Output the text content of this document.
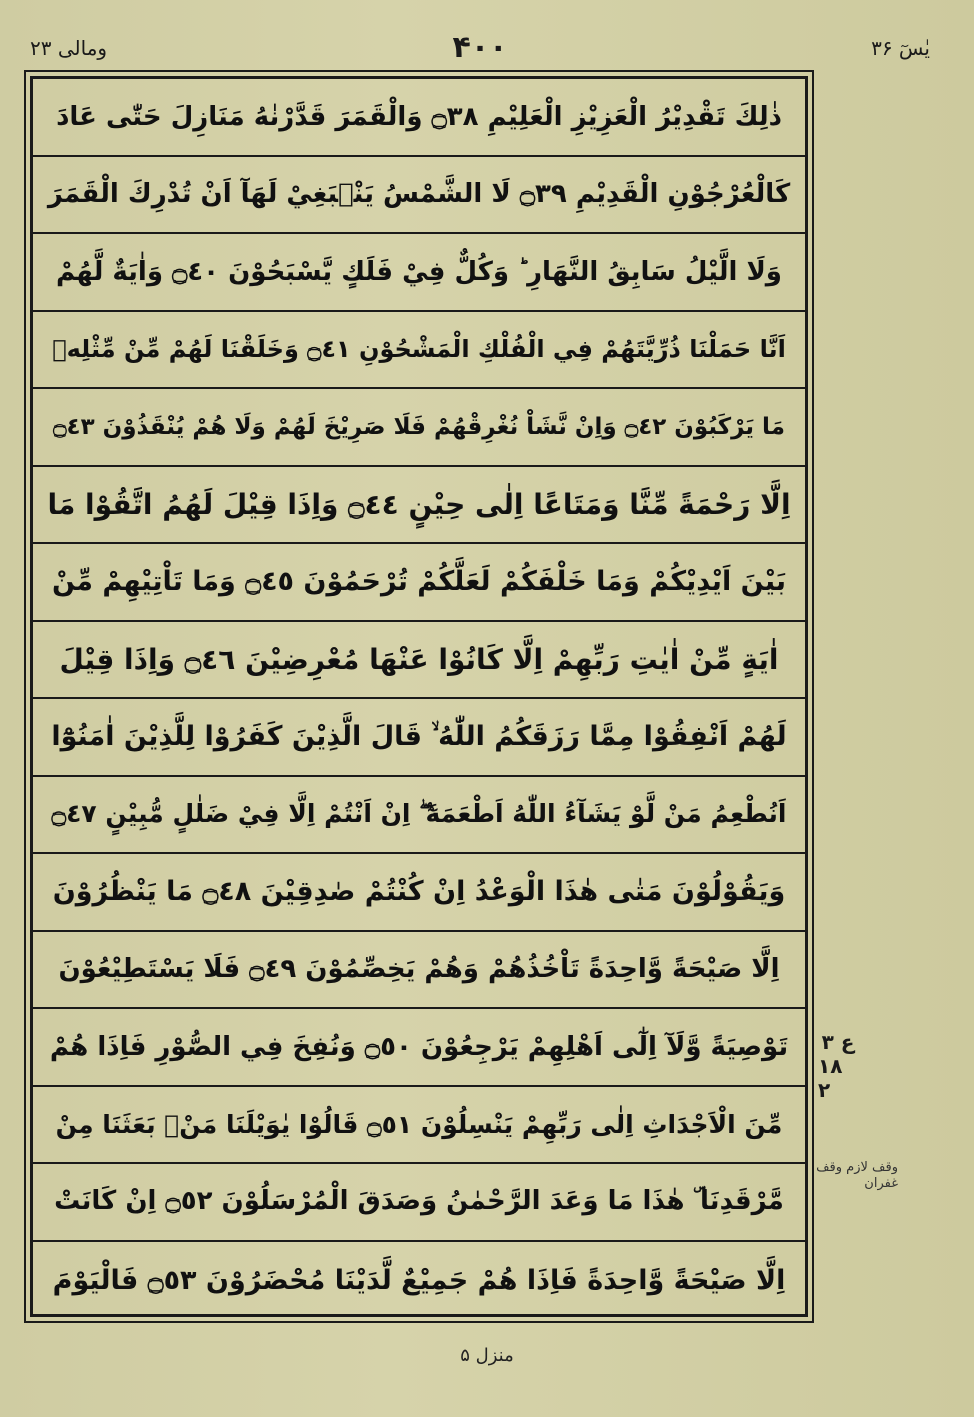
یٰسٓ ۳۶
۴۰۰
ومالی ۲۳
ذٰلِكَ تَقْدِيْرُ الْعَزِيْزِ الْعَلِيْمِ ۝٣٨ وَالْقَمَرَ قَدَّرْنٰهُ مَنَازِلَ حَتّٰى عَادَ
كَالْعُرْجُوْنِ الْقَدِيْمِ ۝٣٩ لَا الشَّمْسُ يَنْۢبَغِيْ لَهَآ اَنْ تُدْرِكَ الْقَمَرَ
وَلَا الَّيْلُ سَابِقُ النَّهَارِ ؕ وَكُلٌّ فِيْ فَلَكٍ يَّسْبَحُوْنَ ۝٤٠ وَاٰيَةٌ لَّهُمْ
اَنَّا حَمَلْنَا ذُرِّيَّتَهُمْ فِي الْفُلْكِ الْمَشْحُوْنِ ۝٤١ وَخَلَقْنَا لَهُمْ مِّنْ مِّثْلِهٖ
مَا يَرْكَبُوْنَ ۝٤٢ وَاِنْ نَّشَاْ نُغْرِقْهُمْ فَلَا صَرِيْخَ لَهُمْ وَلَا هُمْ يُنْقَذُوْنَ ۝٤٣
اِلَّا رَحْمَةً مِّنَّا وَمَتَاعًا اِلٰى حِيْنٍ ۝٤٤ وَاِذَا قِيْلَ لَهُمُ اتَّقُوْا مَا
بَيْنَ اَيْدِيْكُمْ وَمَا خَلْفَكُمْ لَعَلَّكُمْ تُرْحَمُوْنَ ۝٤٥ وَمَا تَاْتِيْهِمْ مِّنْ
اٰيَةٍ مِّنْ اٰيٰتِ رَبِّهِمْ اِلَّا كَانُوْا عَنْهَا مُعْرِضِيْنَ ۝٤٦ وَاِذَا قِيْلَ
لَهُمْ اَنْفِقُوْا مِمَّا رَزَقَكُمُ اللّٰهُ ۙ قَالَ الَّذِيْنَ كَفَرُوْا لِلَّذِيْنَ اٰمَنُوْٓا
اَنُطْعِمُ مَنْ لَّوْ يَشَآءُ اللّٰهُ اَطْعَمَهٗٓ ۖ اِنْ اَنْتُمْ اِلَّا فِيْ ضَلٰلٍ مُّبِيْنٍ ۝٤٧
وَيَقُوْلُوْنَ مَتٰى هٰذَا الْوَعْدُ اِنْ كُنْتُمْ صٰدِقِيْنَ ۝٤٨ مَا يَنْظُرُوْنَ
اِلَّا صَيْحَةً وَّاحِدَةً تَاْخُذُهُمْ وَهُمْ يَخِصِّمُوْنَ ۝٤٩ فَلَا يَسْتَطِيْعُوْنَ
تَوْصِيَةً وَّلَآ اِلٰٓى اَهْلِهِمْ يَرْجِعُوْنَ ۝٥٠ وَنُفِخَ فِي الصُّوْرِ فَاِذَا هُمْ
مِّنَ الْاَجْدَاثِ اِلٰى رَبِّهِمْ يَنْسِلُوْنَ ۝٥١ قَالُوْا يٰوَيْلَنَا مَنْۢ بَعَثَنَا مِنْ
مَّرْقَدِنَا ۜ هٰذَا مَا وَعَدَ الرَّحْمٰنُ وَصَدَقَ الْمُرْسَلُوْنَ ۝٥٢ اِنْ كَانَتْ
اِلَّا صَيْحَةً وَّاحِدَةً فَاِذَا هُمْ جَمِيْعٌ لَّدَيْنَا مُحْضَرُوْنَ ۝٥٣ فَالْيَوْمَ
ع ۳
۱۸ ۲
وقف لازم وقف غفران
منزل ۵
